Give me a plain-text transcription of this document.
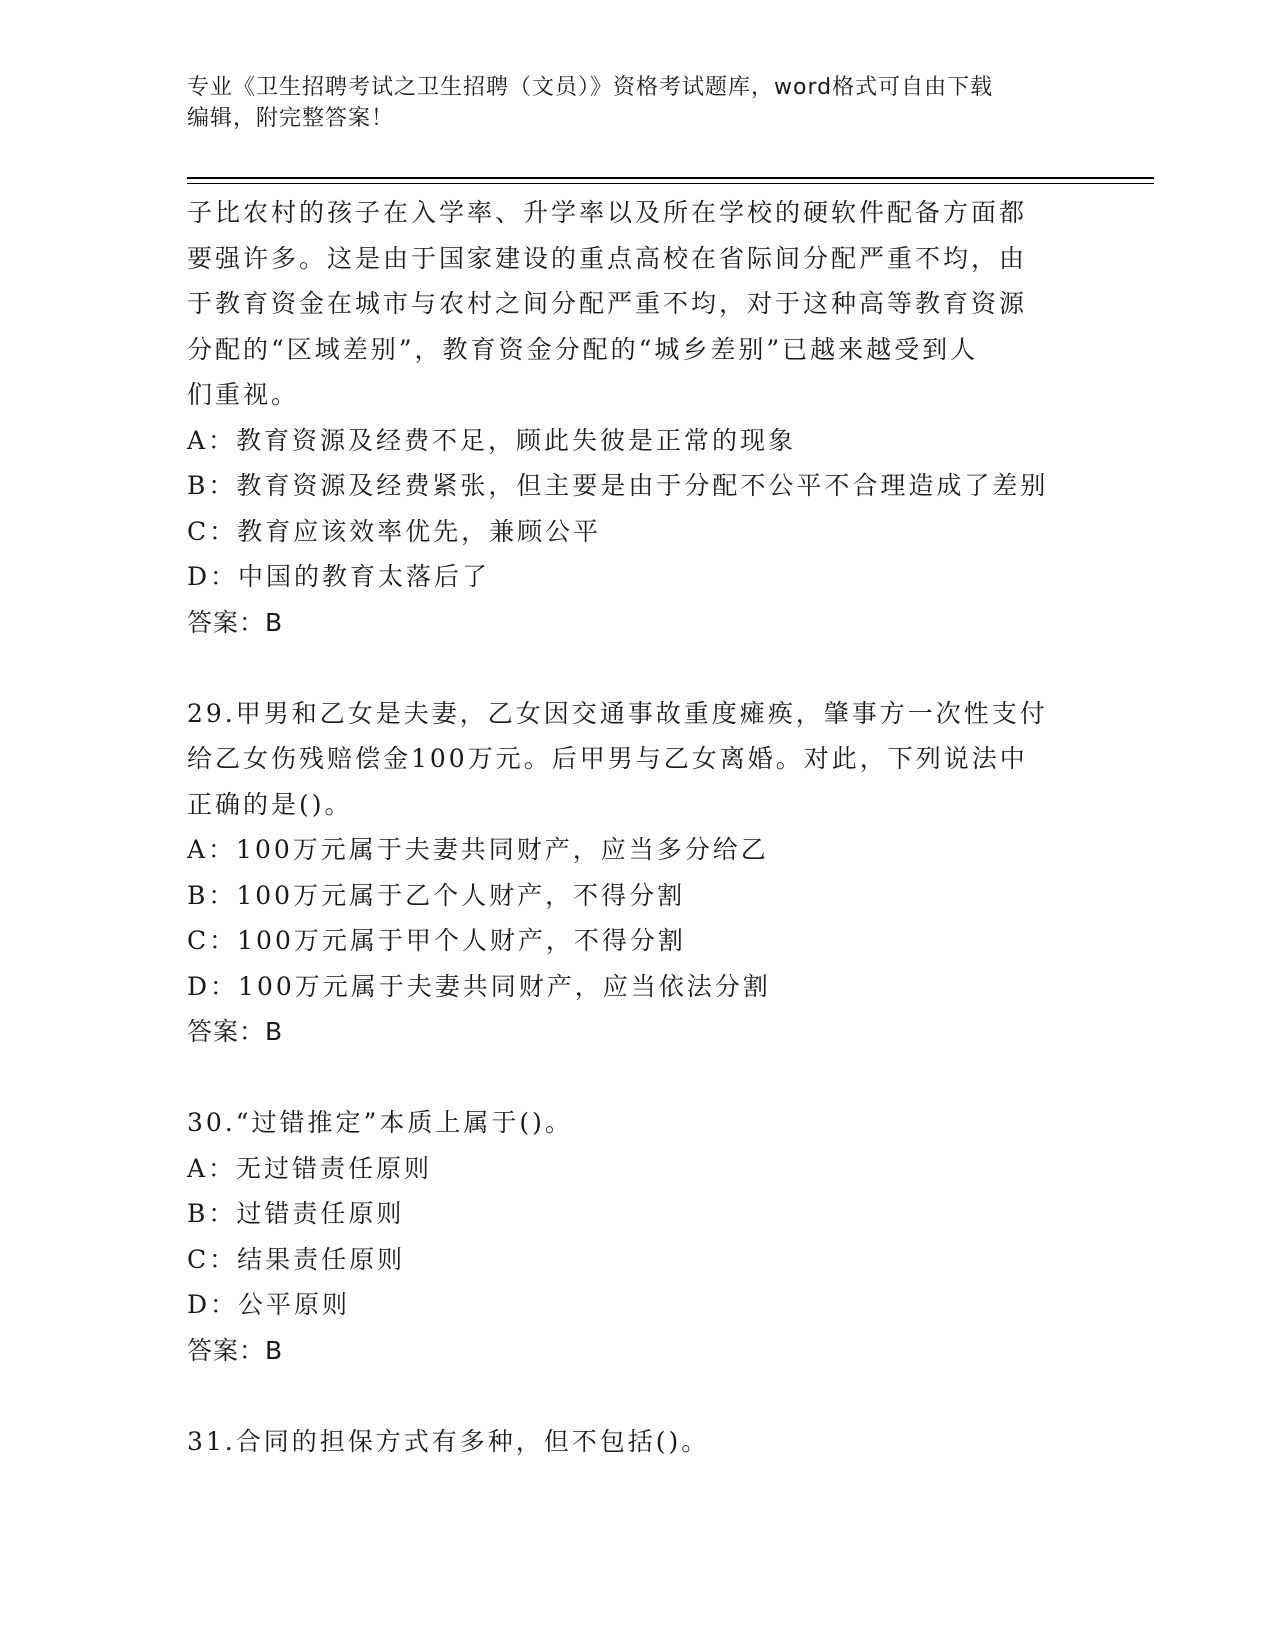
专业《卫生招聘考试之卫生招聘（文员）》资格考试题库，word格式可自由下载
编辑，附完整答案！

子比农村的孩子在入学率、升学率以及所在学校的硬软件配备方面都

要强许多。这是由于国家建设的重点高校在省际间分配严重不均，由

于教育资金在城市与农村之间分配严重不均，对于这种高等教育资源

分配的“区域差别”，教育资金分配的“城乡差别”已越来越受到人

们重视。

A：教育资源及经费不足，顾此失彼是正常的现象

B：教育资源及经费紧张，但主要是由于分配不公平不合理造成了差别

C：教育应该效率优先，兼顾公平

D：中国的教育太落后了

答案：B

29.甲男和乙女是夫妻，乙女因交通事故重度瘫痪，肇事方一次性支付

给乙女伤残赔偿金100万元。后甲男与乙女离婚。对此，下列说法中

正确的是()。

A：100万元属于夫妻共同财产，应当多分给乙

B：100万元属于乙个人财产，不得分割

C：100万元属于甲个人财产，不得分割

D：100万元属于夫妻共同财产，应当依法分割

答案：B

30.“过错推定”本质上属于()。

A：无过错责任原则

B：过错责任原则

C：结果责任原则

D：公平原则

答案：B

31.合同的担保方式有多种，但不包括()。
